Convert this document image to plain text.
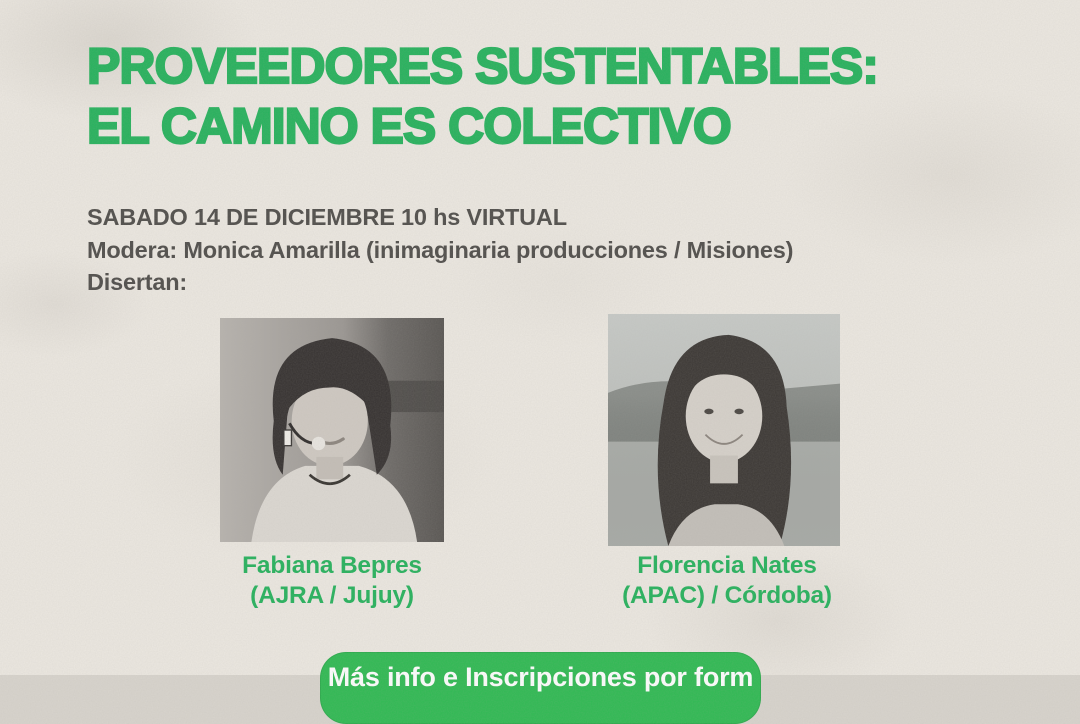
PROVEEDORES SUSTENTABLES:
EL CAMINO ES COLECTIVO
SABADO 14 DE DICIEMBRE 10 hs VIRTUAL
Modera: Monica Amarilla (inimaginaria producciones / Misiones)
Disertan:
Fabiana Bepres
(AJRA / Jujuy)
Florencia Nates
(APAC) / Córdoba)
Más info e Inscripciones por form
